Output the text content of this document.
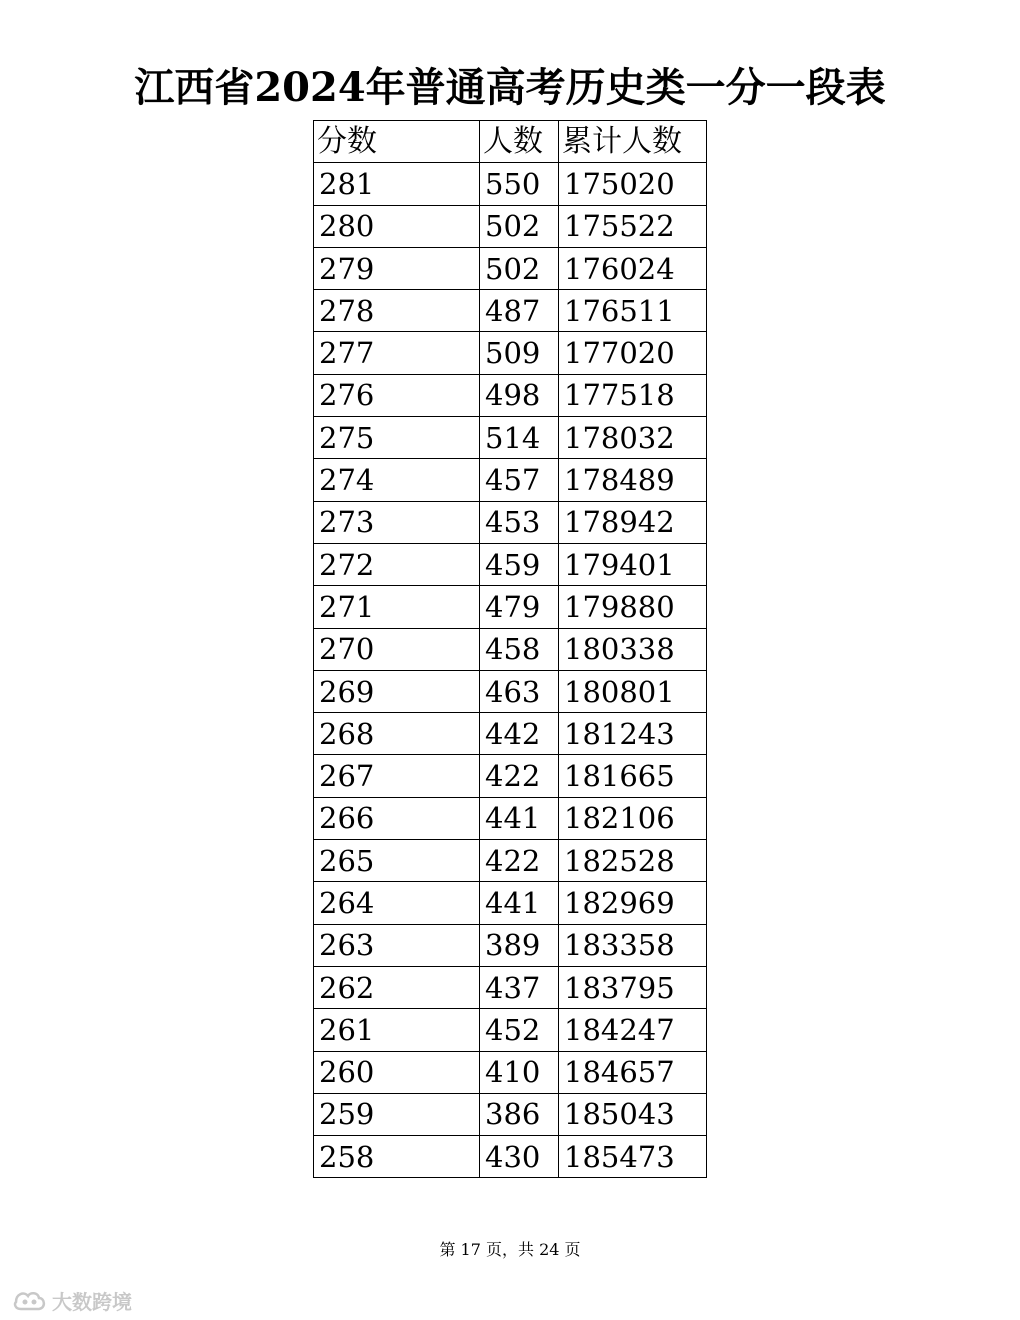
江西省2024年普通高考历史类一分一段表
分数	人数	累计人数
281	550	175020
280	502	175522
279	502	176024
278	487	176511
277	509	177020
276	498	177518
275	514	178032
274	457	178489
273	453	178942
272	459	179401
271	479	179880
270	458	180338
269	463	180801
268	442	181243
267	422	181665
266	441	182106
265	422	182528
264	441	182969
263	389	183358
262	437	183795
261	452	184247
260	410	184657
259	386	185043
258	430	185473
第 17 页，共 24 页
大数跨境
